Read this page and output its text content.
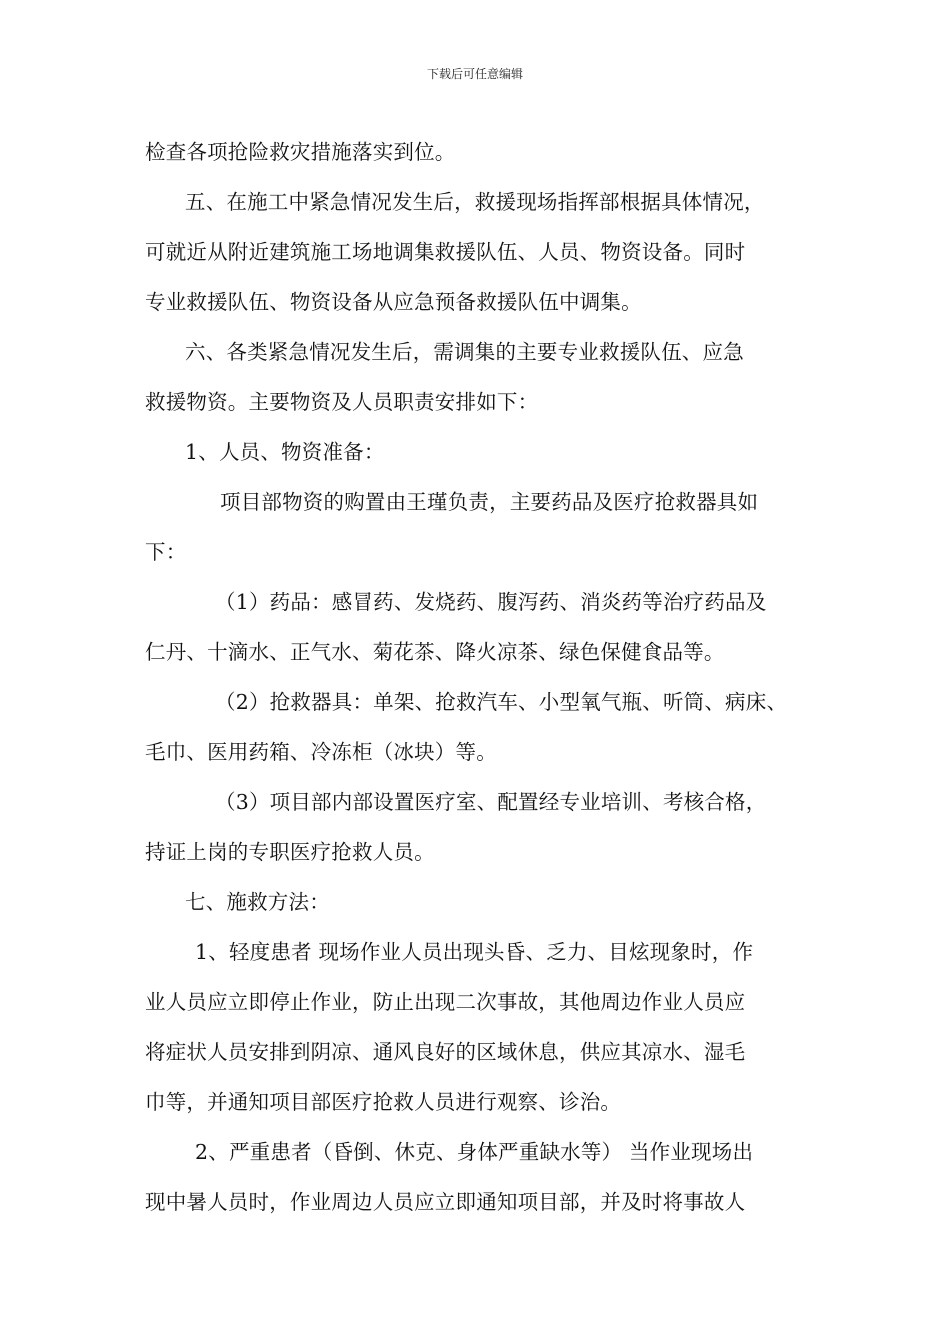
下载后可任意编辑
检查各项抢险救灾措施落实到位。
五、在施工中紧急情况发生后，救援现场指挥部根据具体情况，
可就近从附近建筑施工场地调集救援队伍、人员、物资设备。同时
专业救援队伍、物资设备从应急预备救援队伍中调集。
六、各类紧急情况发生后，需调集的主要专业救援队伍、应急
救援物资。主要物资及人员职责安排如下：
1、人员、物资准备：
项目部物资的购置由王瑾负责，主要药品及医疗抢救器具如
下：
（1）药品：感冒药、发烧药、腹泻药、消炎药等治疗药品及
仁丹、十滴水、正气水、菊花茶、降火凉茶、绿色保健食品等。
（2）抢救器具：单架、抢救汽车、小型氧气瓶、听筒、病床、
毛巾、医用药箱、冷冻柜（冰块）等。
（3）项目部内部设置医疗室、配置经专业培训、考核合格，
持证上岗的专职医疗抢救人员。
七、施救方法：
1、轻度患者 现场作业人员出现头昏、乏力、目炫现象时，作
业人员应立即停止作业，防止出现二次事故，其他周边作业人员应
将症状人员安排到阴凉、通风良好的区域休息，供应其凉水、湿毛
巾等，并通知项目部医疗抢救人员进行观察、诊治。
2、严重患者（昏倒、休克、身体严重缺水等） 当作业现场出
现中暑人员时，作业周边人员应立即通知项目部，并及时将事故人
